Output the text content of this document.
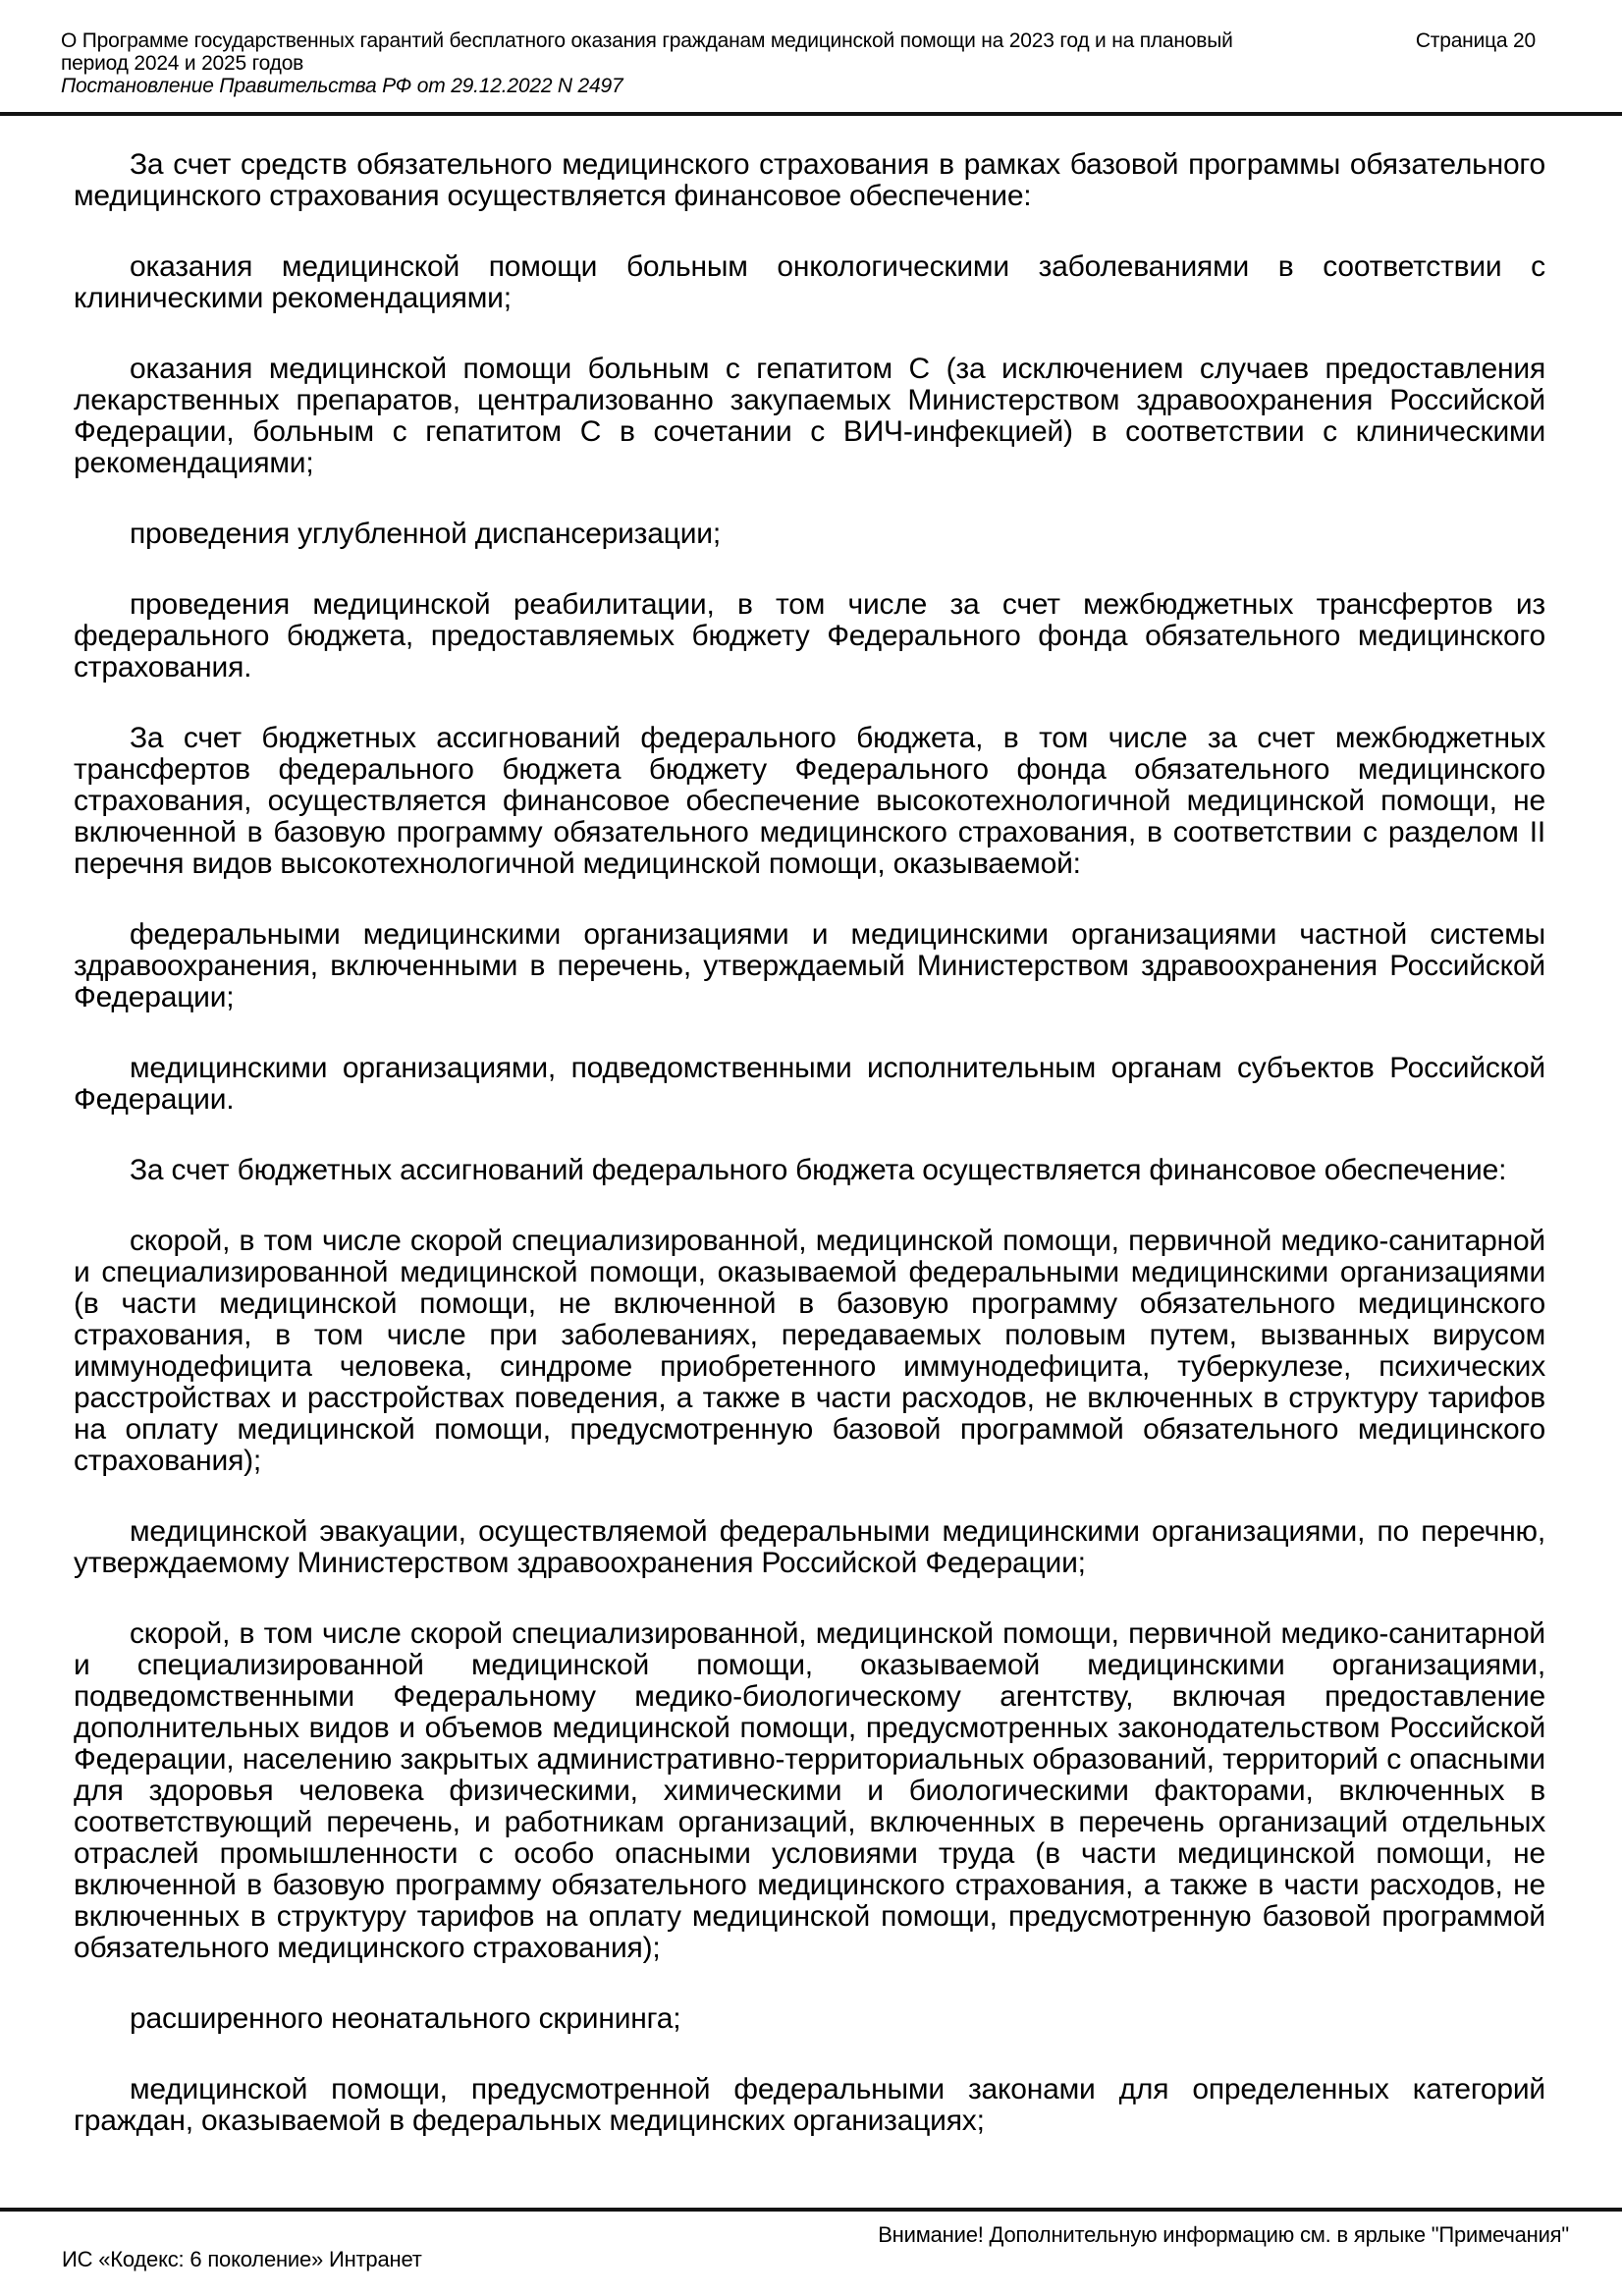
О Программе государственных гарантий бесплатного оказания гражданам медицинской помощи на 2023 год и на плановый
период 2024 и 2025 годов
Постановление Правительства РФ от 29.12.2022 N 2497
Страница 20

За счет средств обязательного медицинского страхования в рамках базовой программы обязательного медицинского страхования осуществляется финансовое обеспечение:

оказания медицинской помощи больным онкологическими заболеваниями в соответствии с клиническими рекомендациями;

оказания медицинской помощи больным с гепатитом С (за исключением случаев предоставления лекарственных препаратов, централизованно закупаемых Министерством здравоохранения Российской Федерации, больным с гепатитом С в сочетании с ВИЧ-инфекцией) в соответствии с клиническими рекомендациями;

проведения углубленной диспансеризации;

проведения медицинской реабилитации, в том числе за счет межбюджетных трансфертов из федерального бюджета, предоставляемых бюджету Федерального фонда обязательного медицинского страхования.

За счет бюджетных ассигнований федерального бюджета, в том числе за счет межбюджетных трансфертов федерального бюджета бюджету Федерального фонда обязательного медицинского страхования, осуществляется финансовое обеспечение высокотехнологичной медицинской помощи, не включенной в базовую программу обязательного медицинского страхования, в соответствии с разделом II перечня видов высокотехнологичной медицинской помощи, оказываемой:

федеральными медицинскими организациями и медицинскими организациями частной системы здравоохранения, включенными в перечень, утверждаемый Министерством здравоохранения Российской Федерации;

медицинскими организациями, подведомственными исполнительным органам субъектов Российской Федерации.

За счет бюджетных ассигнований федерального бюджета осуществляется финансовое обеспечение:

скорой, в том числе скорой специализированной, медицинской помощи, первичной медико-санитарной и специализированной медицинской помощи, оказываемой федеральными медицинскими организациями (в части медицинской помощи, не включенной в базовую программу обязательного медицинского страхования, в том числе при заболеваниях, передаваемых половым путем, вызванных вирусом иммунодефицита человека, синдроме приобретенного иммунодефицита, туберкулезе, психических расстройствах и расстройствах поведения, а также в части расходов, не включенных в структуру тарифов на оплату медицинской помощи, предусмотренную базовой программой обязательного медицинского страхования);

медицинской эвакуации, осуществляемой федеральными медицинскими организациями, по перечню, утверждаемому Министерством здравоохранения Российской Федерации;

скорой, в том числе скорой специализированной, медицинской помощи, первичной медико-санитарной и специализированной медицинской помощи, оказываемой медицинскими организациями, подведомственными Федеральному медико-биологическому агентству, включая предоставление дополнительных видов и объемов медицинской помощи, предусмотренных законодательством Российской Федерации, населению закрытых административно-территориальных образований, территорий с опасными для здоровья человека физическими, химическими и биологическими факторами, включенных в соответствующий перечень, и работникам организаций, включенных в перечень организаций отдельных отраслей промышленности с особо опасными условиями труда (в части медицинской помощи, не включенной в базовую программу обязательного медицинского страхования, а также в части расходов, не включенных в структуру тарифов на оплату медицинской помощи, предусмотренную базовой программой обязательного медицинского страхования);

расширенного неонатального скрининга;

медицинской помощи, предусмотренной федеральными законами для определенных категорий граждан, оказываемой в федеральных медицинских организациях;

Внимание! Дополнительную информацию см. в ярлыке "Примечания"
ИС «Кодекс: 6 поколение» Интранет
